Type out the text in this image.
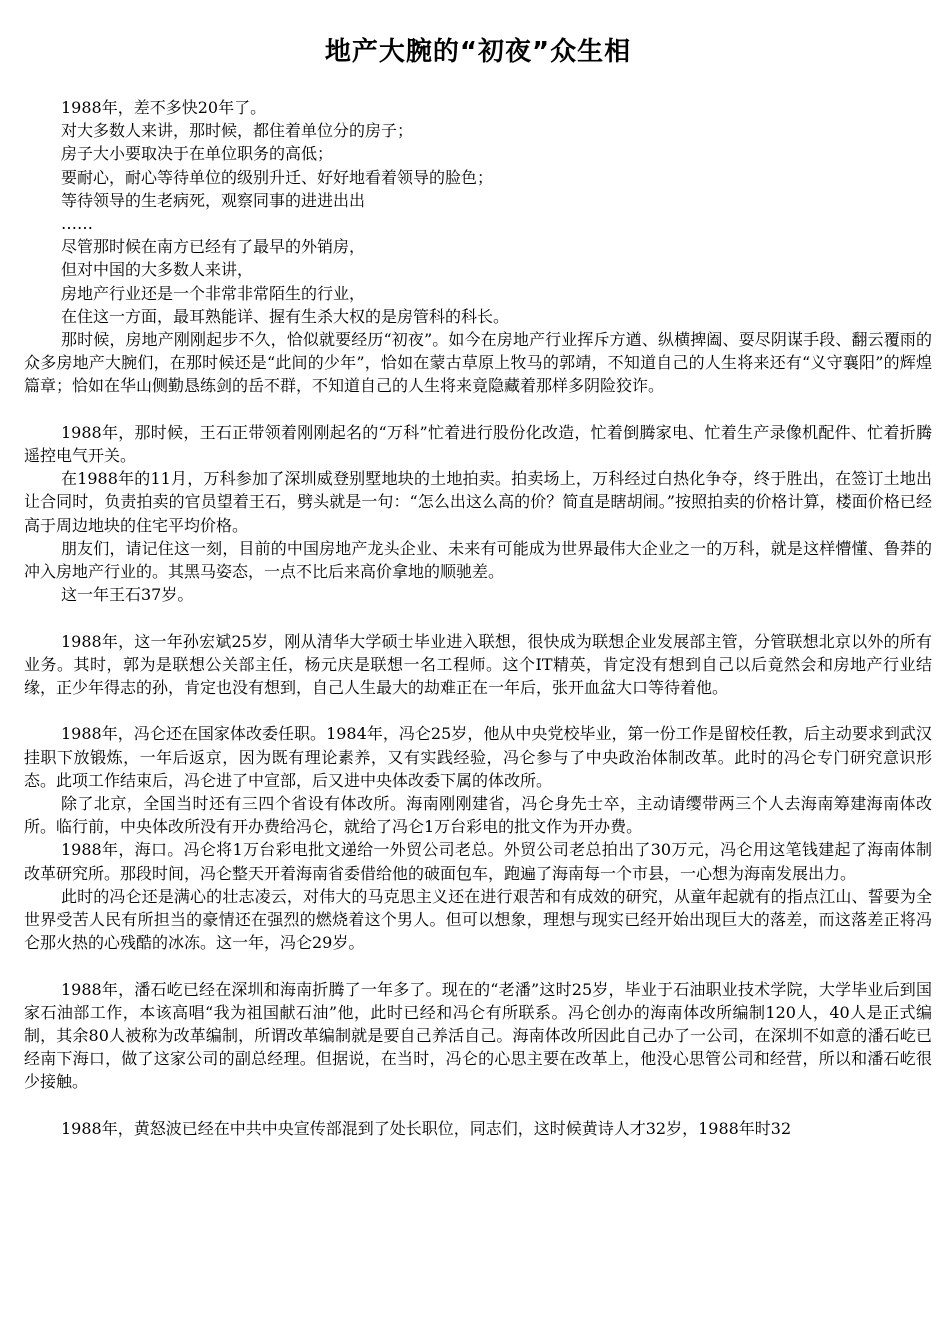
地产大腕的“初夜”众生相

1988年，差不多快20年了。

对大多数人来讲，那时候，都住着单位分的房子；

房子大小要取决于在单位职务的高低；

要耐心，耐心等待单位的级别升迁、好好地看着领导的脸色；

等待领导的生老病死，观察同事的进进出出

……

尽管那时候在南方已经有了最早的外销房，

但对中国的大多数人来讲，

房地产行业还是一个非常非常陌生的行业，

在住这一方面，最耳熟能详、握有生杀大权的是房管科的科长。

那时候，房地产刚刚起步不久，恰似就要经历“初夜”。如今在房地产行业挥斥方遒、纵横捭阖、耍尽阴谋手段、翻云覆雨的众多房地产大腕们，在那时候还是“此间的少年”，恰如在蒙古草原上牧马的郭靖，不知道自己的人生将来还有“义守襄阳”的辉煌篇章；恰如在华山侧勤恳练剑的岳不群，不知道自己的人生将来竟隐藏着那样多阴险狡诈。

1988年，那时候，王石正带领着刚刚起名的“万科”忙着进行股份化改造，忙着倒腾家电、忙着生产录像机配件、忙着折腾遥控电气开关。

在1988年的11月，万科参加了深圳威登别墅地块的土地拍卖。拍卖场上，万科经过白热化争夺，终于胜出，在签订土地出让合同时，负责拍卖的官员望着王石，劈头就是一句：“怎么出这么高的价？简直是瞎胡闹。”按照拍卖的价格计算，楼面价格已经高于周边地块的住宅平均价格。

朋友们，请记住这一刻，目前的中国房地产龙头企业、未来有可能成为世界最伟大企业之一的万科，就是这样懵懂、鲁莽的冲入房地产行业的。其黑马姿态，一点不比后来高价拿地的顺驰差。

这一年王石37岁。

1988年，这一年孙宏斌25岁，刚从清华大学硕士毕业进入联想，很快成为联想企业发展部主管，分管联想北京以外的所有业务。其时，郭为是联想公关部主任，杨元庆是联想一名工程师。这个IT精英，肯定没有想到自己以后竟然会和房地产行业结缘，正少年得志的孙，肯定也没有想到，自己人生最大的劫难正在一年后，张开血盆大口等待着他。

1988年，冯仑还在国家体改委任职。1984年，冯仑25岁，他从中央党校毕业，第一份工作是留校任教，后主动要求到武汉挂职下放锻炼，一年后返京，因为既有理论素养，又有实践经验，冯仑参与了中央政治体制改革。此时的冯仑专门研究意识形态。此项工作结束后，冯仑进了中宣部，后又进中央体改委下属的体改所。

除了北京，全国当时还有三四个省设有体改所。海南刚刚建省，冯仑身先士卒，主动请缨带两三个人去海南筹建海南体改所。临行前，中央体改所没有开办费给冯仑，就给了冯仑1万台彩电的批文作为开办费。

1988年，海口。冯仑将1万台彩电批文递给一外贸公司老总。外贸公司老总拍出了30万元，冯仑用这笔钱建起了海南体制改革研究所。那段时间，冯仑整天开着海南省委借给他的破面包车，跑遍了海南每一个市县，一心想为海南发展出力。

此时的冯仑还是满心的壮志凌云，对伟大的马克思主义还在进行艰苦和有成效的研究，从童年起就有的指点江山、誓要为全世界受苦人民有所担当的豪情还在强烈的燃烧着这个男人。但可以想象，理想与现实已经开始出现巨大的落差，而这落差正将冯仑那火热的心残酷的冰冻。这一年，冯仑29岁。

1988年，潘石屹已经在深圳和海南折腾了一年多了。现在的“老潘”这时25岁，毕业于石油职业技术学院，大学毕业后到国家石油部工作，本该高唱“我为祖国献石油”他，此时已经和冯仑有所联系。冯仑创办的海南体改所编制120人，40人是正式编制，其余80人被称为改革编制，所谓改革编制就是要自己养活自己。海南体改所因此自己办了一公司，在深圳不如意的潘石屹已经南下海口，做了这家公司的副总经理。但据说，在当时，冯仑的心思主要在改革上，他没心思管公司和经营，所以和潘石屹很少接触。

1988年，黄怒波已经在中共中央宣传部混到了处长职位，同志们，这时候黄诗人才32岁，1988年时32
